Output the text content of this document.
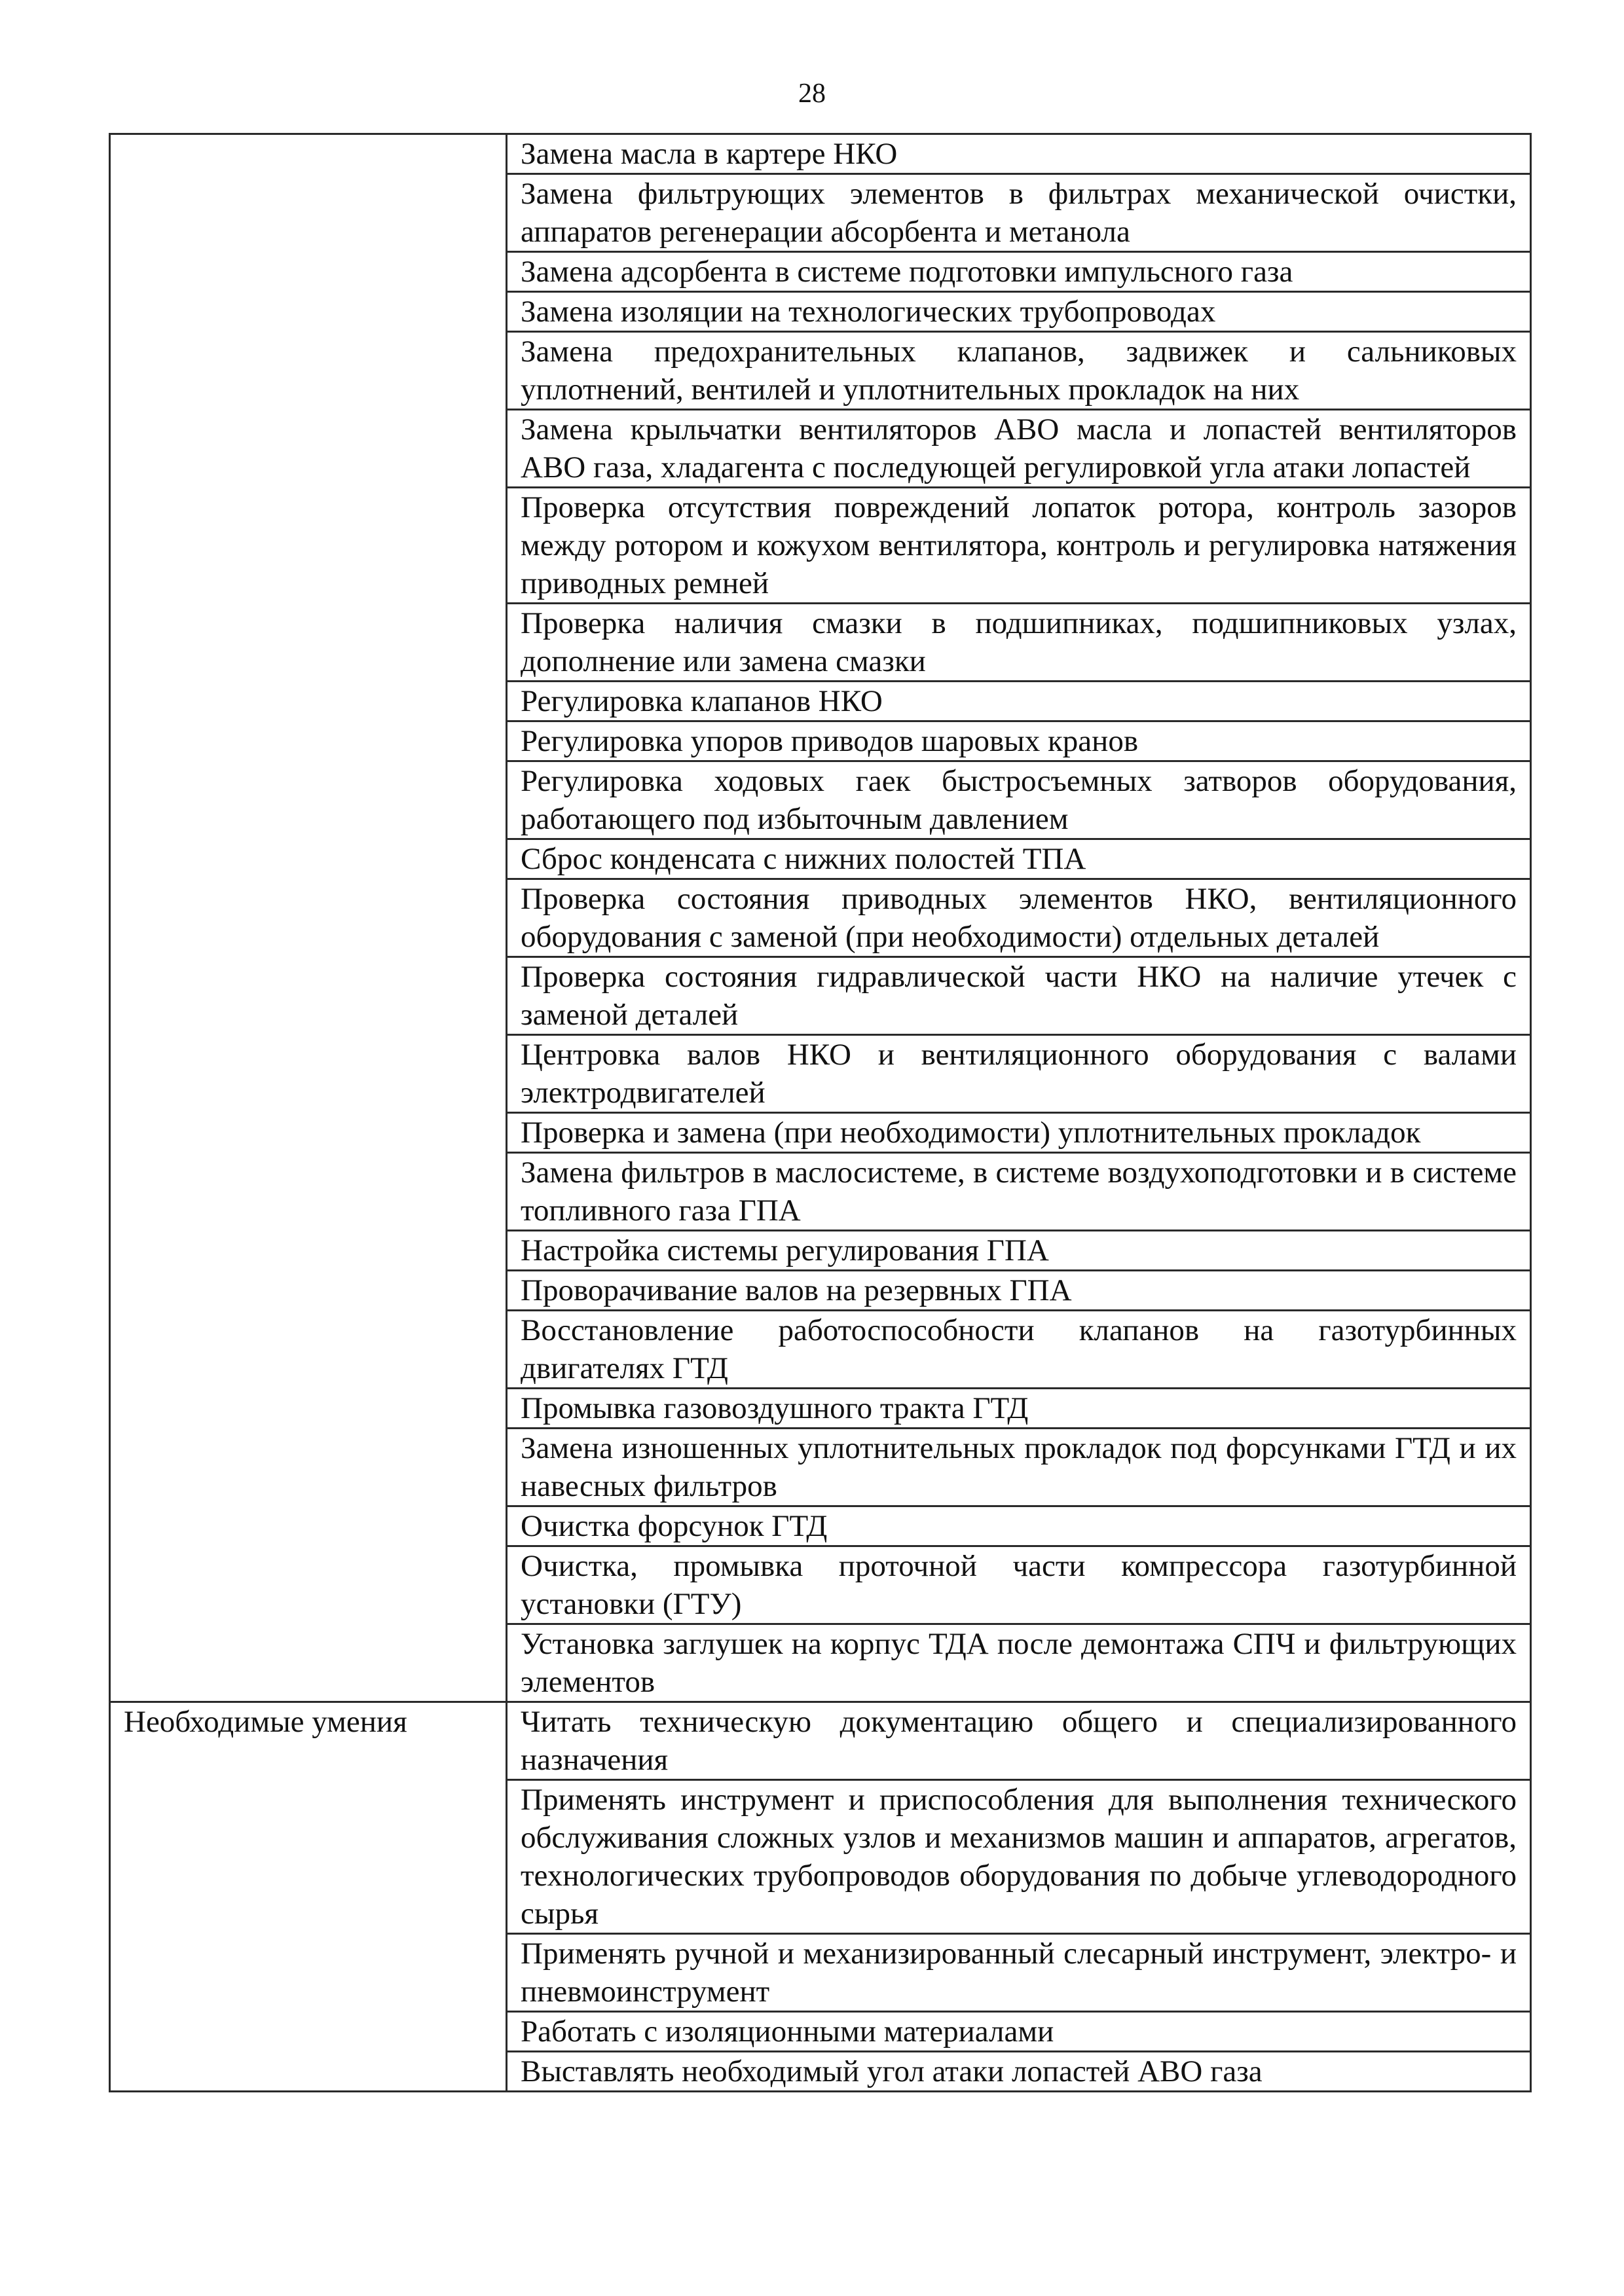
28
	Замена масла в картере НКО
	Замена фильтрующих элементов в фильтрах механической очистки, аппаратов регенерации абсорбента и метанола
	Замена адсорбента в системе подготовки импульсного газа
	Замена изоляции на технологических трубопроводах
	Замена предохранительных клапанов, задвижек и сальниковых уплотнений, вентилей и уплотнительных прокладок на них
	Замена крыльчатки вентиляторов АВО масла и лопастей вентиляторов АВО газа, хладагента с последующей регулировкой угла атаки лопастей
	Проверка отсутствия повреждений лопаток ротора, контроль зазоров между ротором и кожухом вентилятора, контроль и регулировка натяжения приводных ремней
	Проверка наличия смазки в подшипниках, подшипниковых узлах, дополнение или замена смазки
	Регулировка клапанов НКО
	Регулировка упоров приводов шаровых кранов
	Регулировка ходовых гаек быстросъемных затворов оборудования, работающего под избыточным давлением
	Сброс конденсата с нижних полостей ТПА
	Проверка состояния приводных элементов НКО, вентиляционного оборудования с заменой (при необходимости) отдельных деталей
	Проверка состояния гидравлической части НКО на наличие утечек с заменой деталей
	Центровка валов НКО и вентиляционного оборудования с валами электродвигателей
	Проверка и замена (при необходимости) уплотнительных прокладок
	Замена фильтров в маслосистеме, в системе воздухоподготовки и в системе топливного газа ГПА
	Настройка системы регулирования ГПА
	Проворачивание валов на резервных ГПА
	Восстановление работоспособности клапанов на газотурбинных двигателях ГТД
	Промывка газовоздушного тракта ГТД
	Замена изношенных уплотнительных прокладок под форсунками ГТД и их навесных фильтров
	Очистка форсунок ГТД
	Очистка, промывка проточной части компрессора газотурбинной установки (ГТУ)
	Установка заглушек на корпус ТДА после демонтажа СПЧ и фильтрующих элементов
Необходимые умения	Читать техническую документацию общего и специализированного назначения
	Применять инструмент и приспособления для выполнения технического обслуживания сложных узлов и механизмов машин и аппаратов, агрегатов, технологических трубопроводов оборудования по добыче углеводородного сырья
	Применять ручной и механизированный слесарный инструмент, электро- и пневмоинструмент
	Работать с изоляционными материалами
	Выставлять необходимый угол атаки лопастей АВО газа
